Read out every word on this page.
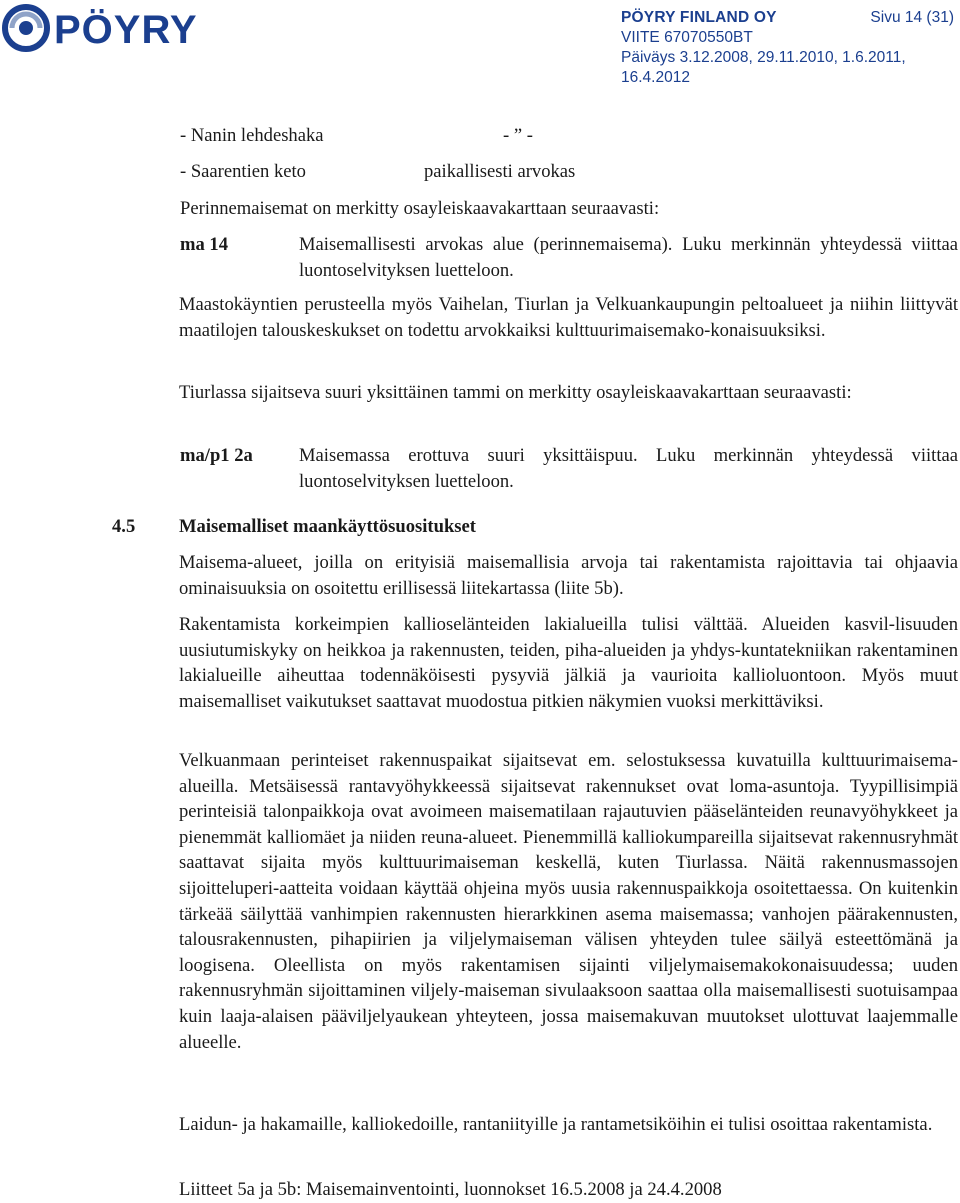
PÖYRY	PÖYRY FINLAND OY	Sivu 14 (31)
VIITE 67070550BT
Päiväys 3.12.2008, 29.11.2010, 1.6.2011,
16.4.2012
- Nanin lehdeshaka	- ” -
- Saarentien keto	paikallisesti arvokas
Perinnemaisemat on merkitty osayleiskaavakarttaan seuraavasti:
ma 14	Maisemallisesti arvokas alue (perinnemaisema). Luku merkinnän yhteydessä viittaa luontoselvityksen luetteloon.
Maastokäyntien perusteella myös Vaihelan, Tiurlan ja Velkuankaupungin peltoalueet ja niihin liittyvät maatilojen talouskeskukset on todettu arvokkaiksi kulttuurimaisemako-konaisuuksiksi.
Tiurlassa sijaitseva suuri yksittäinen tammi on merkitty osayleiskaavakarttaan seuraavasti:
ma/p1 2a Maisemassa erottuva suuri yksittäispuu. Luku merkinnän yhteydessä viittaa luontoselvityksen luetteloon.
4.5 Maisemalliset maankäyttösuositukset
Maisema-alueet, joilla on erityisiä maisemallisia arvoja tai rakentamista rajoittavia tai ohjaavia ominaisuuksia on osoitettu erillisessä liitekartassa (liite 5b).
Rakentamista korkeimpien kallioselänteiden lakialueilla tulisi välttää. Alueiden kasvil-lisuuden uusiutumiskyky on heikkoa ja rakennusten, teiden, piha-alueiden ja yhdys-kuntatekniikan rakentaminen lakialueille aiheuttaa todennäköisesti pysyviä jälkiä ja vaurioita kallioluontoon. Myös muut maisemalliset vaikutukset saattavat muodostua pitkien näkymien vuoksi merkittäviksi.
Velkuanmaan perinteiset rakennuspaikat sijaitsevat em. selostuksessa kuvatuilla kulttuurimaisema-alueilla. Metsäisessä rantavyöhykkeessä sijaitsevat rakennukset ovat loma-asuntoja. Tyypillisimpiä perinteisiä talonpaikkoja ovat avoimeen maisematilaan rajautuvien pääselänteiden reunavyöhykkeet ja pienemmät kalliomäet ja niiden reuna-alueet. Pienemmillä kalliokumpareilla sijaitsevat rakennusryhmät saattavat sijaita myös kulttuurimaiseman keskellä, kuten Tiurlassa. Näitä rakennusmassojen sijoitteluperi-aatteita voidaan käyttää ohjeina myös uusia rakennuspaikkoja osoitettaessa. On kuitenkin tärkeää säilyttää vanhimpien rakennusten hierarkkinen asema maisemassa; vanhojen päärakennusten, talousrakennusten, pihapiirien ja viljelymaiseman välisen yhteyden tulee säilyä esteettömänä ja loogisena. Oleellista on myös rakentamisen sijainti viljelymaisemakokonaisuudessa; uuden rakennusryhmän sijoittaminen viljely-maiseman sivulaaksoon saattaa olla maisemallisesti suotuisampaa kuin laaja-alaisen pääviljelyaukean yhteyteen, jossa maisemakuvan muutokset ulottuvat laajemmalle alueelle.
Laidun- ja hakamaille, kalliokedoille, rantaniityille ja rantametsiköihin ei tulisi osoittaa rakentamista.
Liitteet 5a ja 5b: Maisemainventointi, luonnokset 16.5.2008 ja 24.4.2008
